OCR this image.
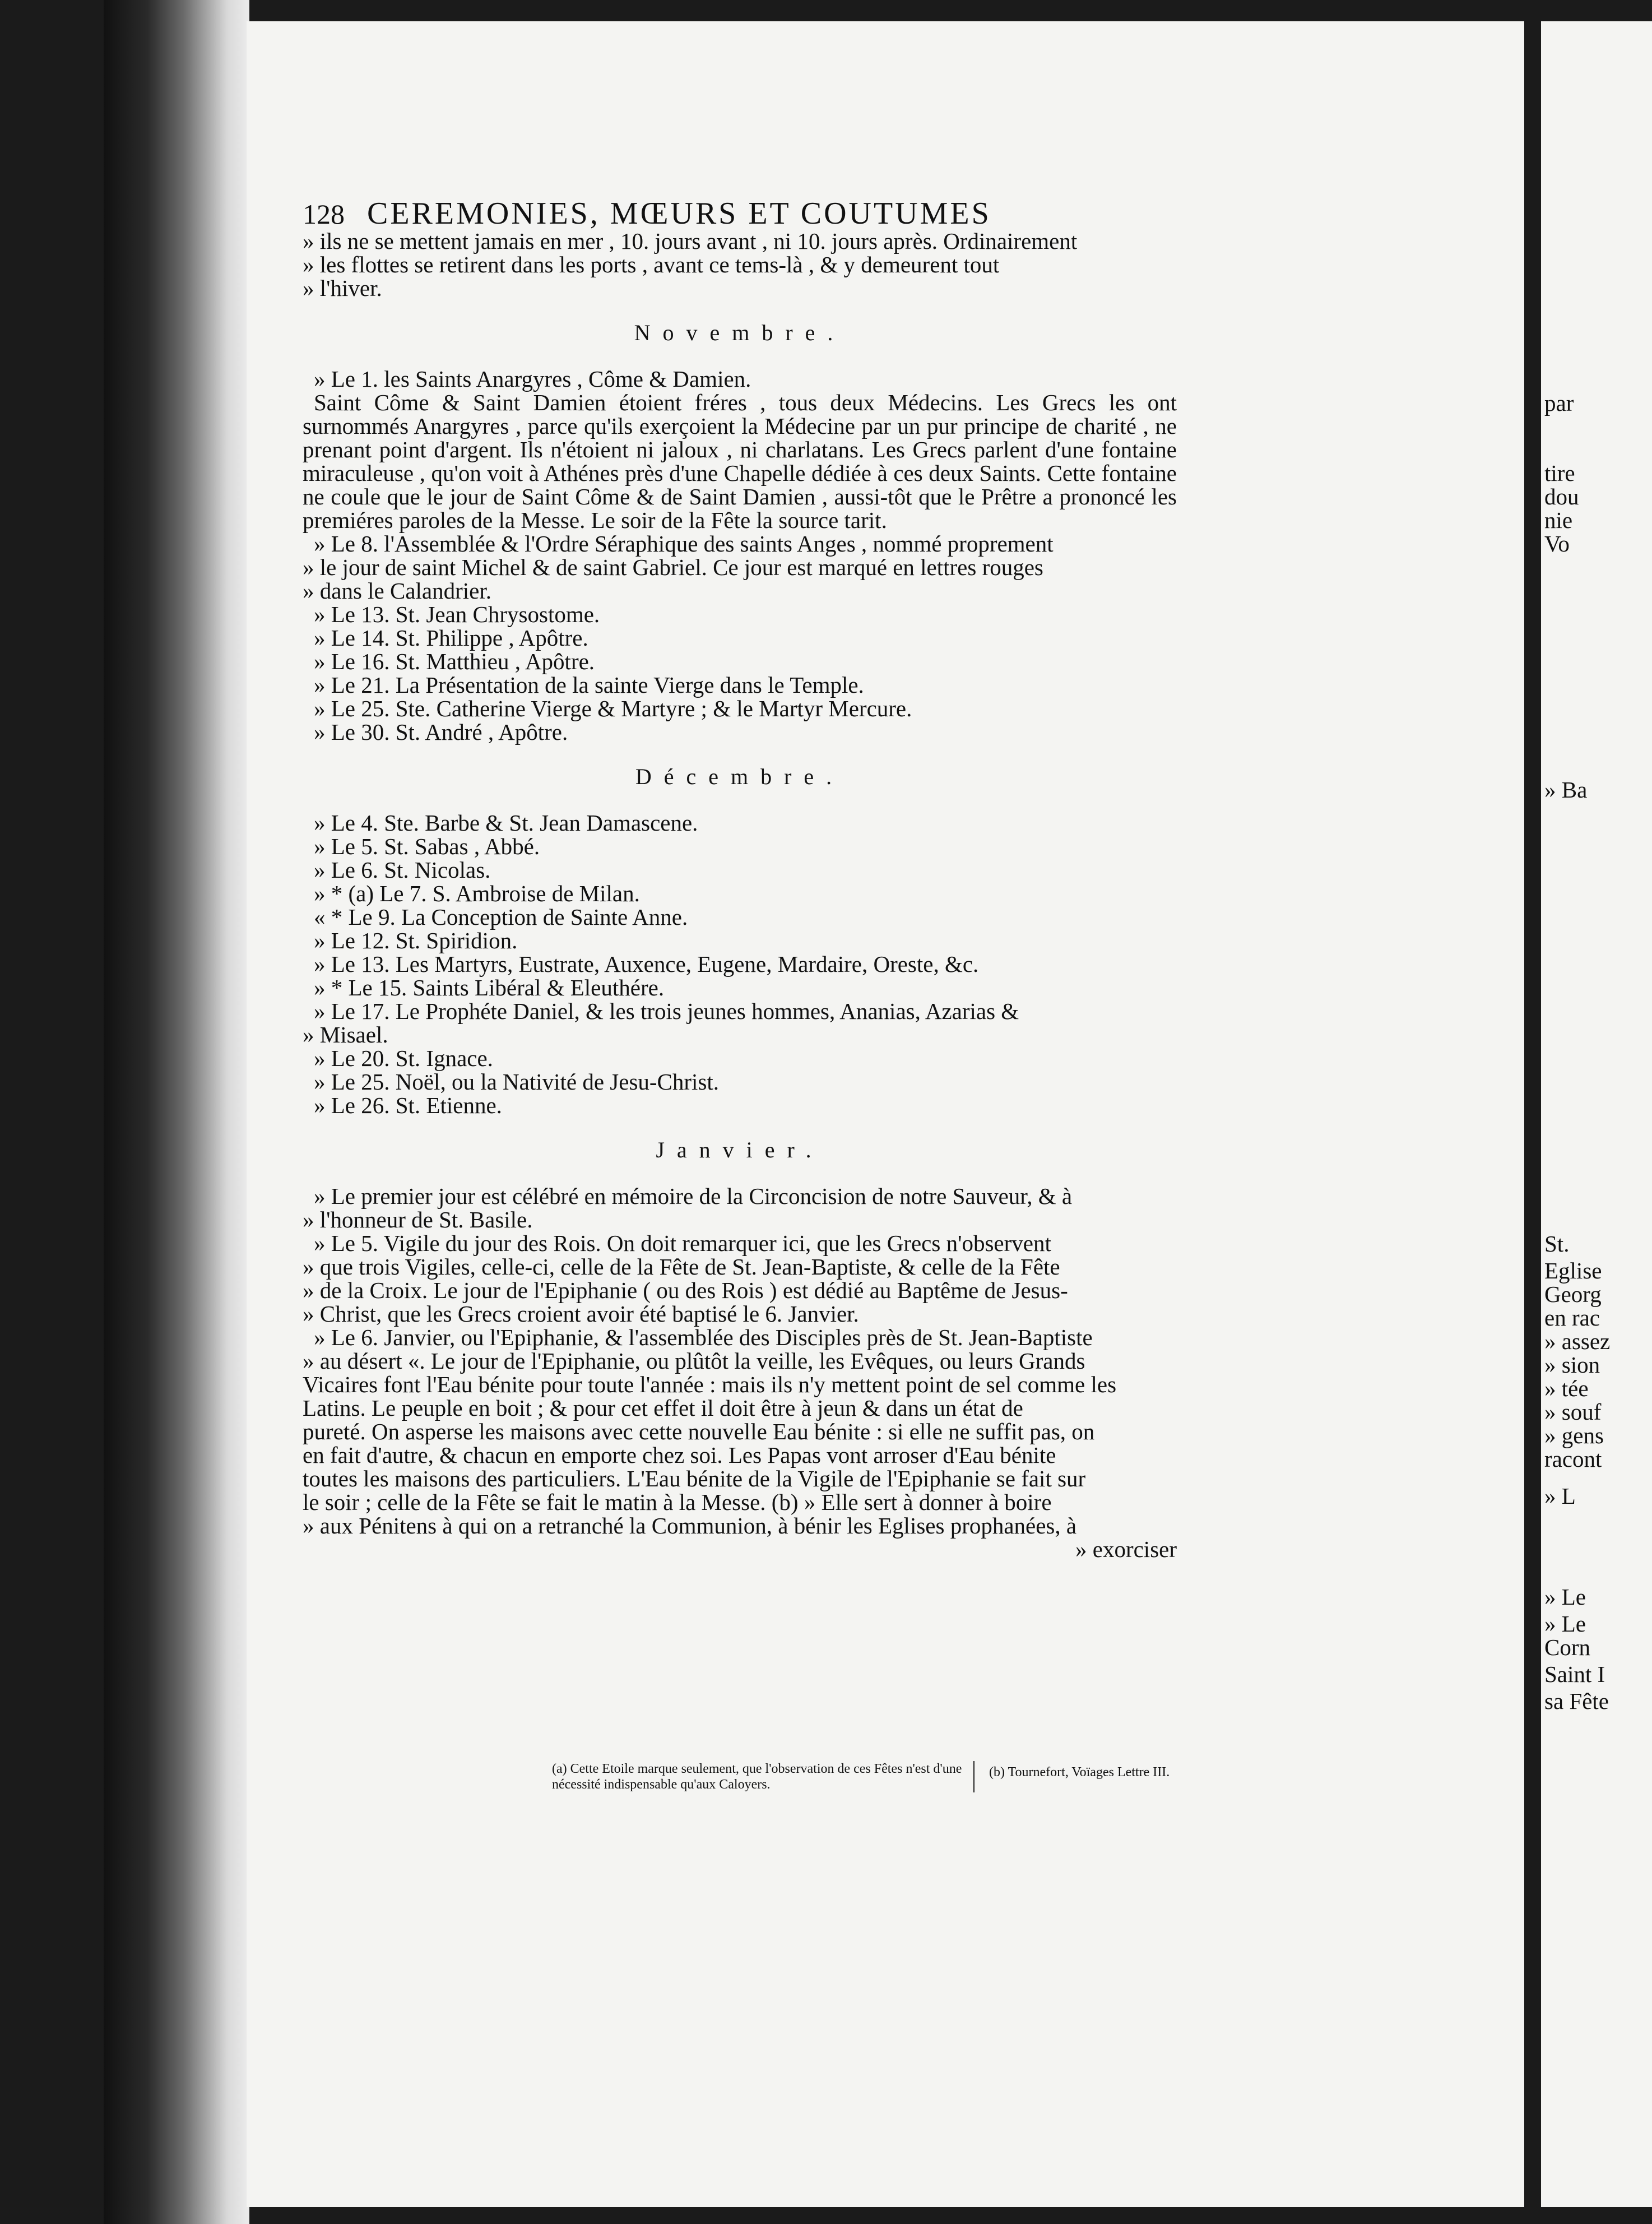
par
tire
dou
nie
Vo
» Ba
St.
Eglise
Georg
en rac
» assez
» sion
» tée
» souf
» gens
racont
» L
» Le
» Le
Corn
Saint I
sa Fête
128 CEREMONIES, MŒURS ET COUTUMES

» ils ne se mettent jamais en mer , 10. jours avant , ni 10. jours après. Ordinairement

» les flottes se retirent dans les ports , avant ce tems-là , & y demeurent tout

» l'hiver.

Novembre.

» Le 1. les Saints Anargyres , Côme & Damien.

Saint Côme & Saint Damien étoient fréres , tous deux Médecins. Les Grecs les ont surnommés Anargyres , parce qu'ils exerçoient la Médecine par un pur principe de charité , ne prenant point d'argent. Ils n'étoient ni jaloux , ni charlatans. Les Grecs parlent d'une fontaine miraculeuse , qu'on voit à Athénes près d'une Chapelle dédiée à ces deux Saints. Cette fontaine ne coule que le jour de Saint Côme & de Saint Damien , aussi-tôt que le Prêtre a prononcé les premiéres paroles de la Messe. Le soir de la Fête la source tarit.

» Le 8. l'Assemblée & l'Ordre Séraphique des saints Anges , nommé proprement

» le jour de saint Michel & de saint Gabriel. Ce jour est marqué en lettres rouges

» dans le Calandrier.

» Le 13. St. Jean Chrysostome.

» Le 14. St. Philippe , Apôtre.

» Le 16. St. Matthieu , Apôtre.

» Le 21. La Présentation de la sainte Vierge dans le Temple.

» Le 25. Ste. Catherine Vierge & Martyre ; & le Martyr Mercure.

» Le 30. St. André , Apôtre.

Décembre.

» Le 4. Ste. Barbe & St. Jean Damascene.

» Le 5. St. Sabas , Abbé.

» Le 6. St. Nicolas.

» * (a) Le 7. S. Ambroise de Milan.

« * Le 9. La Conception de Sainte Anne.

» Le 12. St. Spiridion.

» Le 13. Les Martyrs, Eustrate, Auxence, Eugene, Mardaire, Oreste, &c.

» * Le 15. Saints Libéral & Eleuthére.

» Le 17. Le Prophéte Daniel, & les trois jeunes hommes, Ananias, Azarias &

» Misael.

» Le 20. St. Ignace.

» Le 25. Noël, ou la Nativité de Jesu-Christ.

» Le 26. St. Etienne.

Janvier.

» Le premier jour est célébré en mémoire de la Circoncision de notre Sauveur, & à

» l'honneur de St. Basile.

» Le 5. Vigile du jour des Rois. On doit remarquer ici, que les Grecs n'observent

» que trois Vigiles, celle-ci, celle de la Fête de St. Jean-Baptiste, & celle de la Fête

» de la Croix. Le jour de l'Epiphanie ( ou des Rois ) est dédié au Baptême de Jesus-

» Christ, que les Grecs croient avoir été baptisé le 6. Janvier.

» Le 6. Janvier, ou l'Epiphanie, & l'assemblée des Disciples près de St. Jean-Baptiste

» au désert «. Le jour de l'Epiphanie, ou plûtôt la veille, les Evêques, ou leurs Grands

Vicaires font l'Eau bénite pour toute l'année : mais ils n'y mettent point de sel comme les

Latins. Le peuple en boit ; & pour cet effet il doit être à jeun & dans un état de

pureté. On asperse les maisons avec cette nouvelle Eau bénite : si elle ne suffit pas, on

en fait d'autre, & chacun en emporte chez soi. Les Papas vont arroser d'Eau bénite

toutes les maisons des particuliers. L'Eau bénite de la Vigile de l'Epiphanie se fait sur

le soir ; celle de la Fête se fait le matin à la Messe. (b) » Elle sert à donner à boire

» aux Pénitens à qui on a retranché la Communion, à bénir les Eglises prophanées, à

» exorciser

(a) Cette Etoile marque seulement, que l'observation de ces Fêtes n'est d'une nécessité indispensable qu'aux Caloyers.
(b) Tournefort, Voïages Lettre III.
